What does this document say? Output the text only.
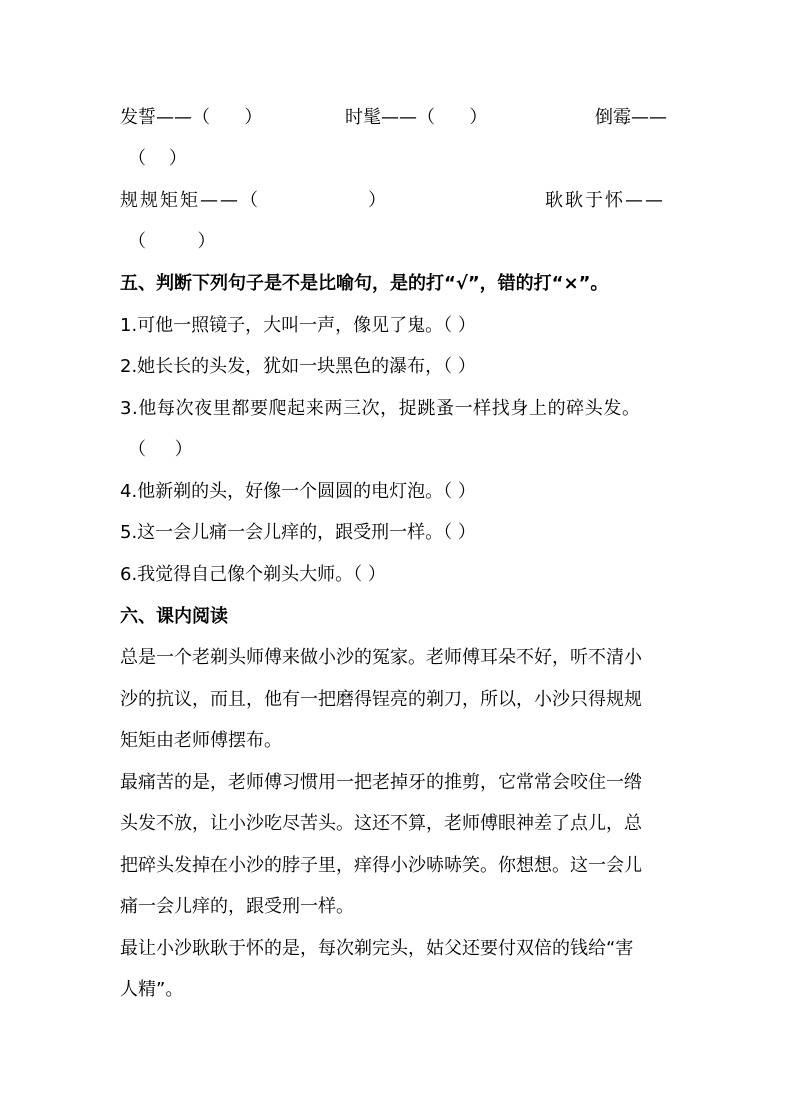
发誓——（ ）	时髦——（ ）	倒霉——
（ ）
规规矩矩——（	）	耿耿于怀——
（	）
五、判断下列句子是不是比喻句，是的打“√”，错的打“×”。
1.可他一照镜子，大叫一声，像见了鬼。（ ）
2.她长长的头发，犹如一块黑色的瀑布，（ ）
3.他每次夜里都要爬起来两三次，捉跳蚤一样找身上的碎头发。
（ ）
4.他新剃的头，好像一个圆圆的电灯泡。（ ）
5.这一会儿痛一会儿痒的，跟受刑一样。（ ）
6.我觉得自己像个剃头大师。（ ）
六、课内阅读
总是一个老剃头师傅来做小沙的冤家。老师傅耳朵不好，听不清小
沙的抗议，而且，他有一把磨得锃亮的剃刀，所以，小沙只得规规
矩矩由老师傅摆布。
最痛苦的是，老师傅习惯用一把老掉牙的推剪，它常常会咬住一绺
头发不放，让小沙吃尽苦头。这还不算，老师傅眼神差了点儿，总
把碎头发掉在小沙的脖子里，痒得小沙哧哧笑。你想想。这一会儿
痛一会儿痒的，跟受刑一样。
最让小沙耿耿于怀的是，每次剃完头，姑父还要付双倍的钱给“害
人精”。
